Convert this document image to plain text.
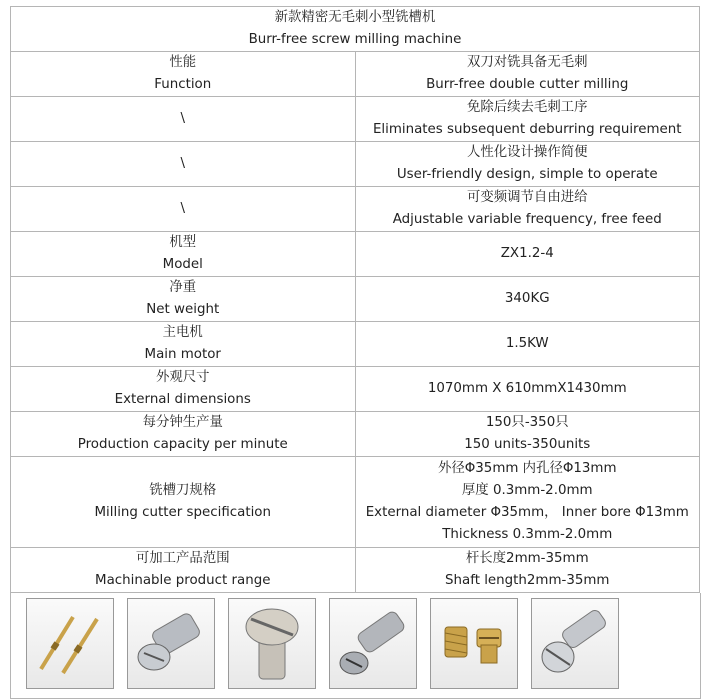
新款精密无毛刺小型铣槽机
Burr-free screw milling machine	

性能
Function	双刀对铣具备无毛刺
Burr-free double cutter milling

\	免除后续去毛刺工序
Eliminates subsequent deburring requirement

\	人性化设计操作简便
User-friendly design, simple to operate

\	可变频调节自由进给
Adjustable variable frequency, free feed

机型
Model	ZX1.2-4

净重
Net weight	340KG

主电机
Main motor	1.5KW

外观尺寸
External dimensions	1070mm X 610mmX1430mm

每分钟生产量
Production capacity per minute	150只-350只
150 units-350units

铣槽刀规格
Milling cutter specification	外径Φ35mm 内孔径Φ13mm
厚度 0.3mm-2.0mm
External diameter Φ35mm， Inner bore Φ13mm
Thickness 0.3mm-2.0mm

可加工产品范围
Machinable product range	杆长度2mm-35mm
Shaft length2mm-35mm
